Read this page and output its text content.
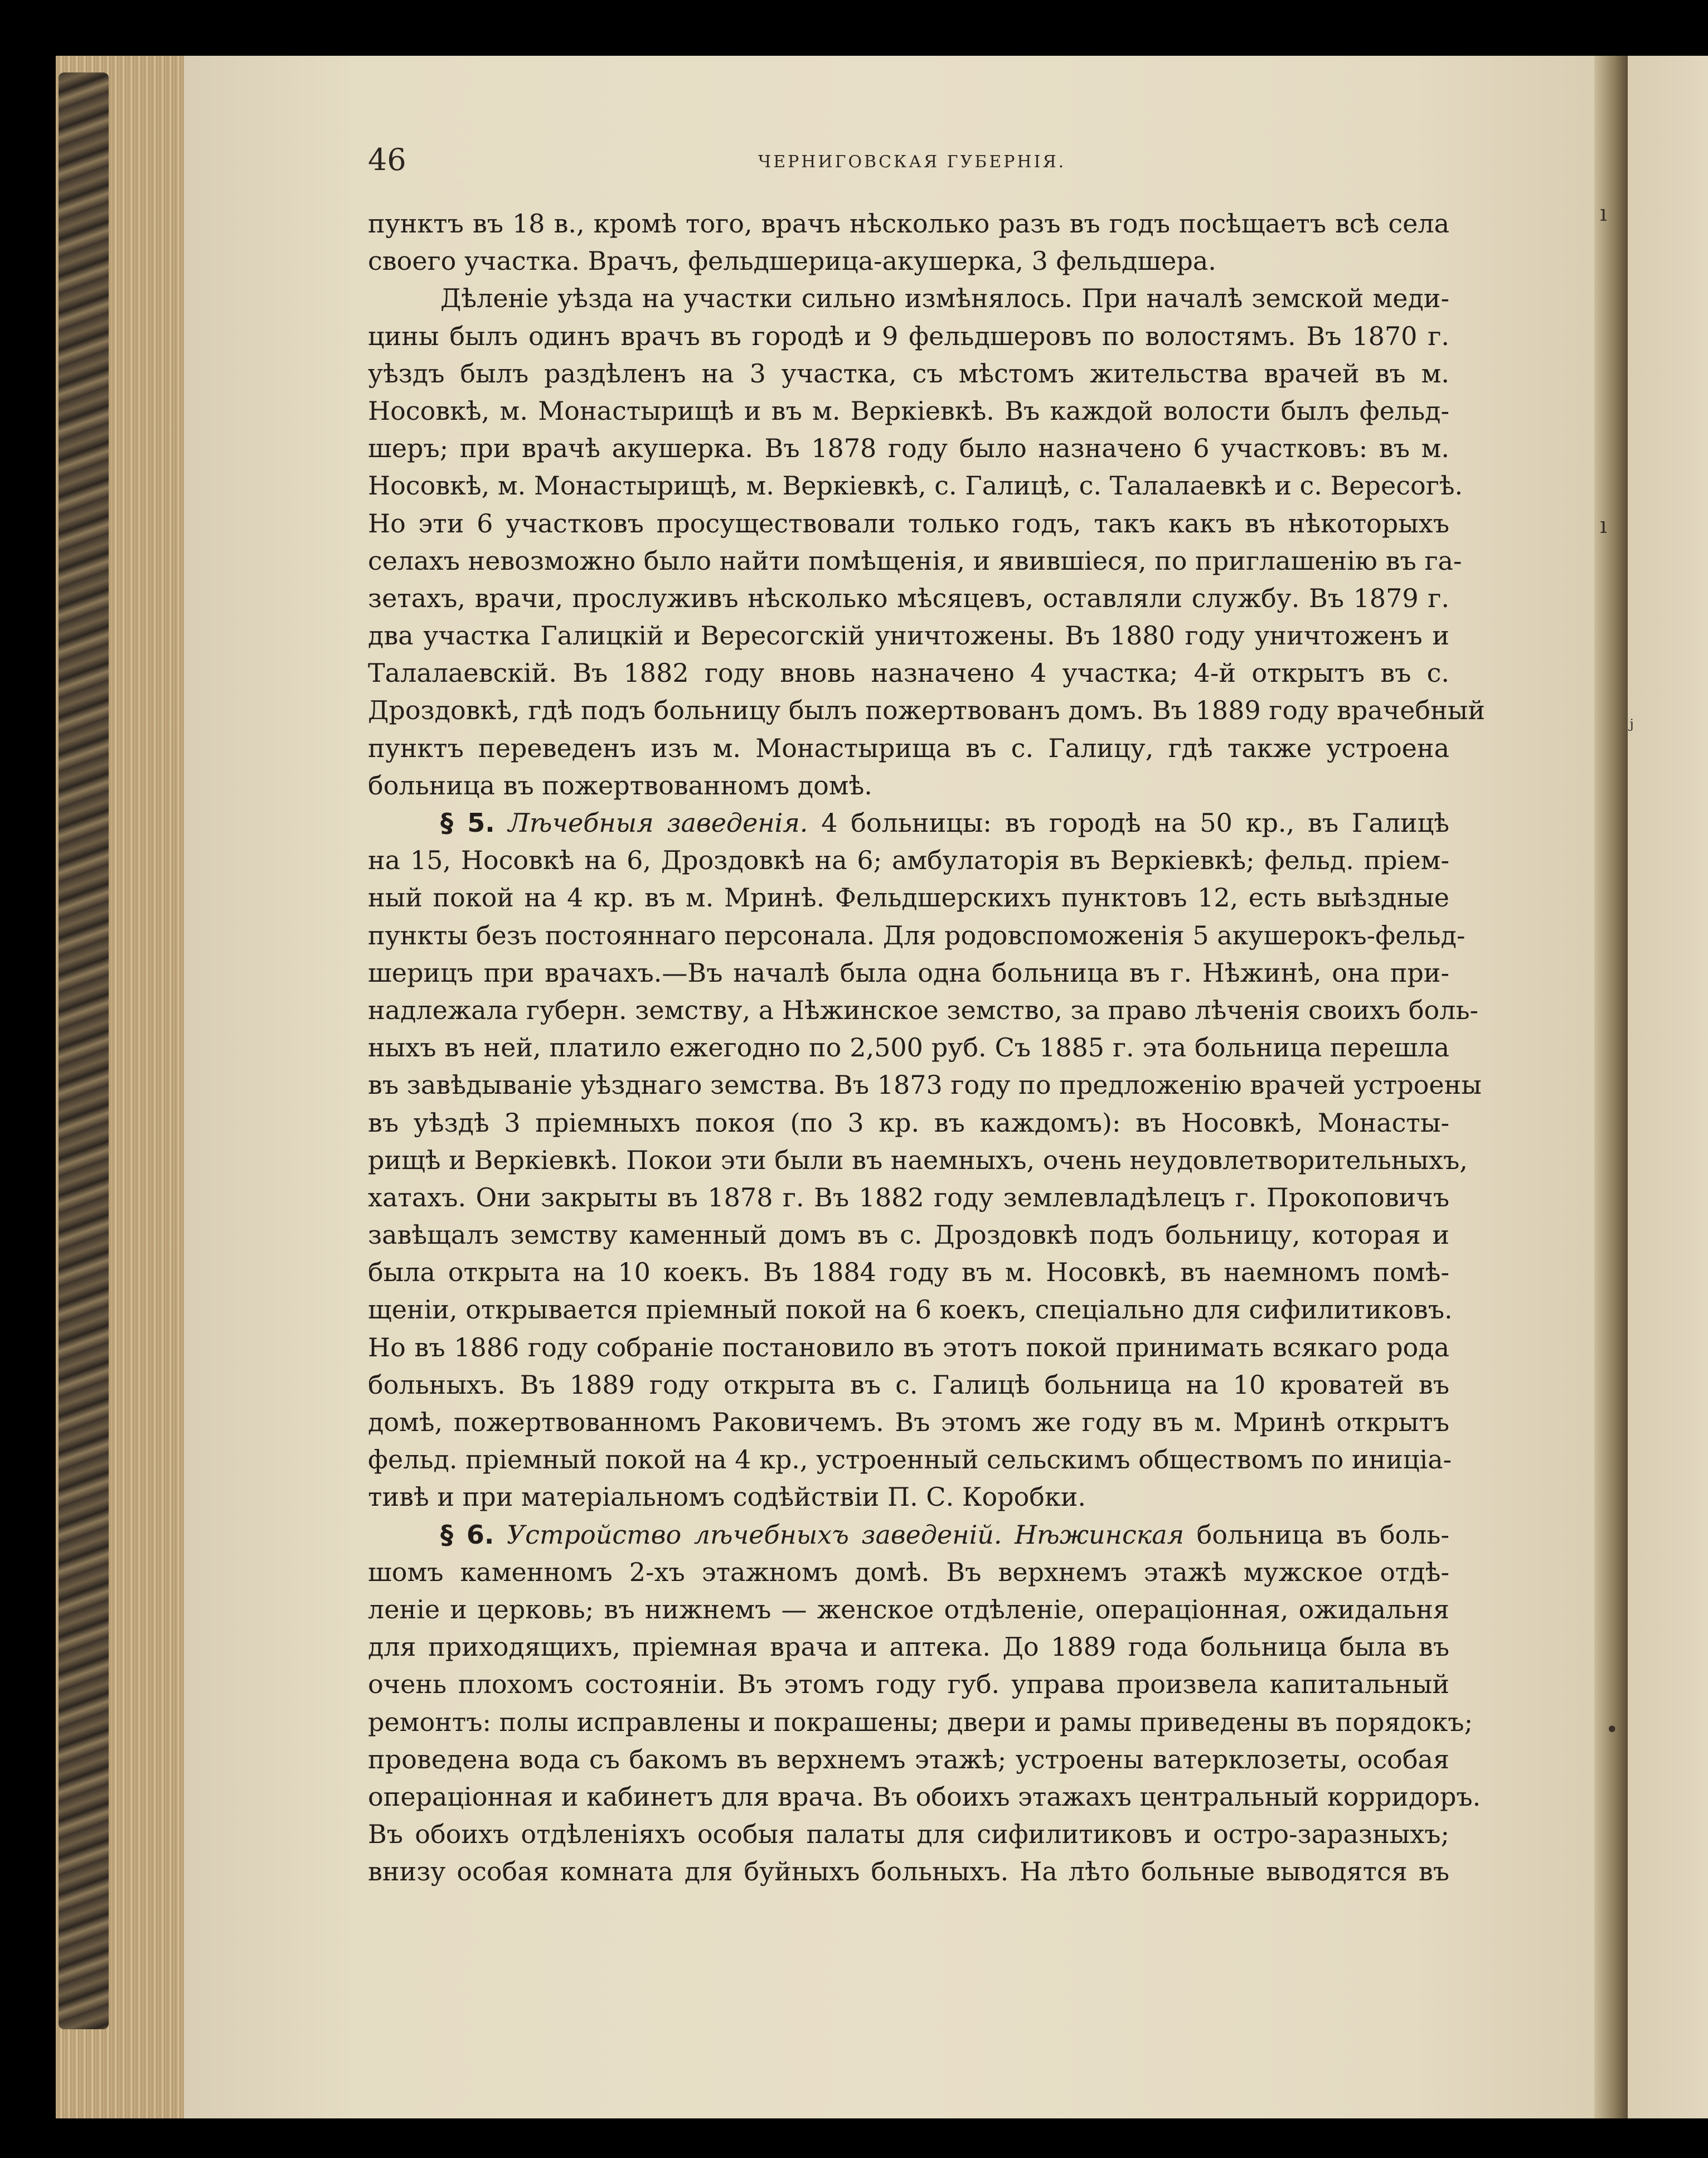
46	ЧЕРНИГОВСКАЯ ГУБЕРНІЯ.
пунктъ въ 18 в., кромѣ того, врачъ нѣсколько разъ въ годъ посѣщаетъ всѣ села
своего участка. Врачъ, фельдшерица-акушерка, 3 фельдшера.
Дѣленіе уѣзда на участки сильно измѣнялось. При началѣ земской меди-
цины былъ одинъ врачъ въ городѣ и 9 фельдшеровъ по волостямъ. Въ 1870 г.
уѣздъ былъ раздѣленъ на 3 участка, съ мѣстомъ жительства врачей въ м.
Носовкѣ, м. Монастырищѣ и въ м. Веркіевкѣ. Въ каждой волости былъ фельд-
шеръ; при врачѣ акушерка. Въ 1878 году было назначено 6 участковъ: въ м.
Носовкѣ, м. Монастырищѣ, м. Веркіевкѣ, с. Галицѣ, с. Талалаевкѣ и с. Вересогѣ.
Но эти 6 участковъ просуществовали только годъ, такъ какъ въ нѣкоторыхъ
селахъ невозможно было найти помѣщенія, и явившіеся, по приглашенію въ га-
зетахъ, врачи, прослуживъ нѣсколько мѣсяцевъ, оставляли службу. Въ 1879 г.
два участка Галицкій и Вересогскій уничтожены. Въ 1880 году уничтоженъ и
Талалаевскій. Въ 1882 году вновь назначено 4 участка; 4-й открытъ въ с.
Дроздовкѣ, гдѣ подъ больницу былъ пожертвованъ домъ. Въ 1889 году врачебный
пунктъ переведенъ изъ м. Монастырища въ с. Галицу, гдѣ также устроена
больница въ пожертвованномъ домѣ.
§ 5. Лѣчебныя заведенія. 4 больницы: въ городѣ на 50 кр., въ Галицѣ
на 15, Носовкѣ на 6, Дроздовкѣ на 6; амбулаторія въ Веркіевкѣ; фельд. пріем-
ный покой на 4 кр. въ м. Мринѣ. Фельдшерскихъ пунктовъ 12, есть выѣздные
пункты безъ постояннаго персонала. Для родовспоможенія 5 акушерокъ-фельд-
шерицъ при врачахъ.—Въ началѣ была одна больница въ г. Нѣжинѣ, она при-
надлежала губерн. земству, а Нѣжинское земство, за право лѣченія своихъ боль-
ныхъ въ ней, платило ежегодно по 2,500 руб. Съ 1885 г. эта больница перешла
въ завѣдываніе уѣзднаго земства. Въ 1873 году по предложенію врачей устроены
въ уѣздѣ 3 пріемныхъ покоя (по 3 кр. въ каждомъ): въ Носовкѣ, Монасты-
рищѣ и Веркіевкѣ. Покои эти были въ наемныхъ, очень неудовлетворительныхъ,
хатахъ. Они закрыты въ 1878 г. Въ 1882 году землевладѣлецъ г. Прокоповичъ
завѣщалъ земству каменный домъ въ с. Дроздовкѣ подъ больницу, которая и
была открыта на 10 коекъ. Въ 1884 году въ м. Носовкѣ, въ наемномъ помѣ-
щеніи, открывается пріемный покой на 6 коекъ, спеціально для сифилитиковъ.
Но въ 1886 году собраніе постановило въ этотъ покой принимать всякаго рода
больныхъ. Въ 1889 году открыта въ с. Галицѣ больница на 10 кроватей въ
домѣ, пожертвованномъ Раковичемъ. Въ этомъ же году въ м. Мринѣ открытъ
фельд. пріемный покой на 4 кр., устроенный сельскимъ обществомъ по иниціа-
тивѣ и при матеріальномъ содѣйствіи П. С. Коробки.
§ 6. Устройство лѣчебныхъ заведеній. Нѣжинская больница въ боль-
шомъ каменномъ 2-хъ этажномъ домѣ. Въ верхнемъ этажѣ мужское отдѣ-
леніе и церковь; въ нижнемъ — женское отдѣленіе, операціонная, ожидальня
для приходящихъ, пріемная врача и аптека. До 1889 года больница была въ
очень плохомъ состояніи. Въ этомъ году губ. управа произвела капитальный
ремонтъ: полы исправлены и покрашены; двери и рамы приведены въ порядокъ;
проведена вода съ бакомъ въ верхнемъ этажѣ; устроены ватерклозеты, особая
операціонная и кабинетъ для врача. Въ обоихъ этажахъ центральный корридоръ.
Въ обоихъ отдѣленіяхъ особыя палаты для сифилитиковъ и остро-заразныхъ;
внизу особая комната для буйныхъ больныхъ. На лѣто больные выводятся въ
ı
ı
ⱼ
•
